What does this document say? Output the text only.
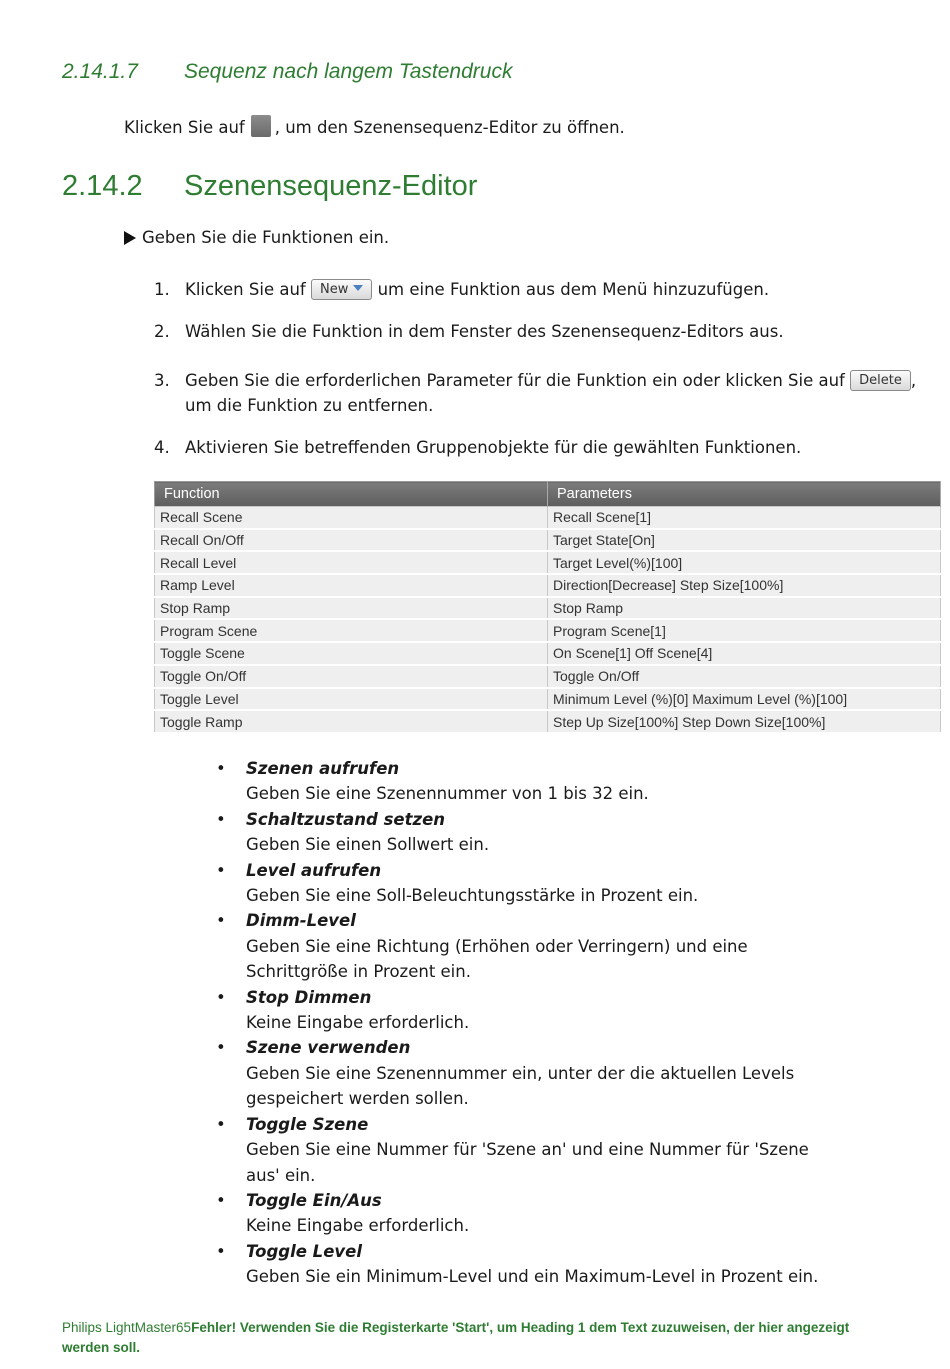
2.14.1.7 Sequenz nach langem Tastendruck
Klicken Sie auf , um den Szenensequenz-Editor zu öffnen.
2.14.2 Szenensequenz-Editor
Geben Sie die Funktionen ein.
1. Klicken Sie auf New um eine Funktion aus dem Menü hinzuzufügen.
2. Wählen Sie die Funktion in dem Fenster des Szenensequenz-Editors aus.
3. Geben Sie die erforderlichen Parameter für die Funktion ein oder klicken Sie auf Delete ,
um die Funktion zu entfernen.
4. Aktivieren Sie betreffenden Gruppenobjekte für die gewählten Funktionen.
Function	Parameters
Recall Scene	Recall Scene[1]
Recall On/Off	Target State[On]
Recall Level	Target Level(%)[100]
Ramp Level	Direction[Decrease] Step Size[100%]
Stop Ramp	Stop Ramp
Program Scene	Program Scene[1]
Toggle Scene	On Scene[1] Off Scene[4]
Toggle On/Off	Toggle On/Off
Toggle Level	Minimum Level (%)[0] Maximum Level (%)[100]
Toggle Ramp	Step Up Size[100%] Step Down Size[100%]
• Szenen aufrufen
Geben Sie eine Szenennummer von 1 bis 32 ein.
• Schaltzustand setzen
Geben Sie einen Sollwert ein.
• Level aufrufen
Geben Sie eine Soll-Beleuchtungsstärke in Prozent ein.
• Dimm-Level
Geben Sie eine Richtung (Erhöhen oder Verringern) und eine Schrittgröße in Prozent ein.
• Stop Dimmen
Keine Eingabe erforderlich.
• Szene verwenden
Geben Sie eine Szenennummer ein, unter der die aktuellen Levels gespeichert werden sollen.
• Toggle Szene
Geben Sie eine Nummer für 'Szene an' und eine Nummer für 'Szene aus' ein.
• Toggle Ein/Aus
Keine Eingabe erforderlich.
• Toggle Level
Geben Sie ein Minimum-Level und ein Maximum-Level in Prozent ein.
Philips LightMaster65Fehler! Verwenden Sie die Registerkarte 'Start', um Heading 1 dem Text zuzuweisen, der hier angezeigt werden soll.
